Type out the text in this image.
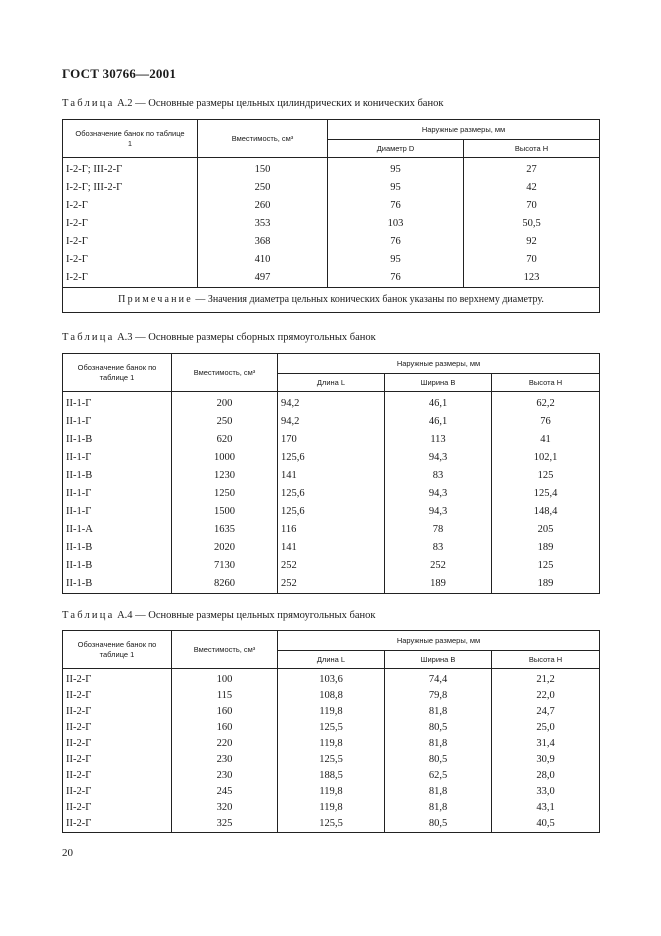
ГОСТ 30766—2001
Таблица А.2 — Основные размеры цельных цилиндрических и конических банок
Обозначение банок по таблице 1	Вместимость, см³	Наружные размеры, мм	
		Диаметр D	Высота H
I-2-Г; III-2-Г	150	95	27
I-2-Г; III-2-Г	250	95	42
I-2-Г	260	76	70
I-2-Г	353	103	50,5
I-2-Г	368	76	92
I-2-Г	410	95	70
I-2-Г	497	76	123
Примечание — Значения диаметра цельных конических банок указаны по верхнему диаметру.			
Таблица А.3 — Основные размеры сборных прямоугольных банок
Обозначение банок по таблице 1	Вместимость, см³	Наружные размеры, мм		
		Длина L	Ширина B	Высота H
II-1-Г	200	94,2	46,1	62,2
II-1-Г	250	94,2	46,1	76
II-1-В	620	170	113	41
II-1-Г	1000	125,6	94,3	102,1
II-1-В	1230	141	83	125
II-1-Г	1250	125,6	94,3	125,4
II-1-Г	1500	125,6	94,3	148,4
II-1-А	1635	116	78	205
II-1-В	2020	141	83	189
II-1-В	7130	252	252	125
II-1-В	8260	252	189	189
Таблица А.4 — Основные размеры цельных прямоугольных банок
Обозначение банок по таблице 1	Вместимость, см³	Наружные размеры, мм		
		Длина L	Ширина B	Высота H
II-2-Г	100	103,6	74,4	21,2
II-2-Г	115	108,8	79,8	22,0
II-2-Г	160	119,8	81,8	24,7
II-2-Г	160	125,5	80,5	25,0
II-2-Г	220	119,8	81,8	31,4
II-2-Г	230	125,5	80,5	30,9
II-2-Г	230	188,5	62,5	28,0
II-2-Г	245	119,8	81,8	33,0
II-2-Г	320	119,8	81,8	43,1
II-2-Г	325	125,5	80,5	40,5
20
